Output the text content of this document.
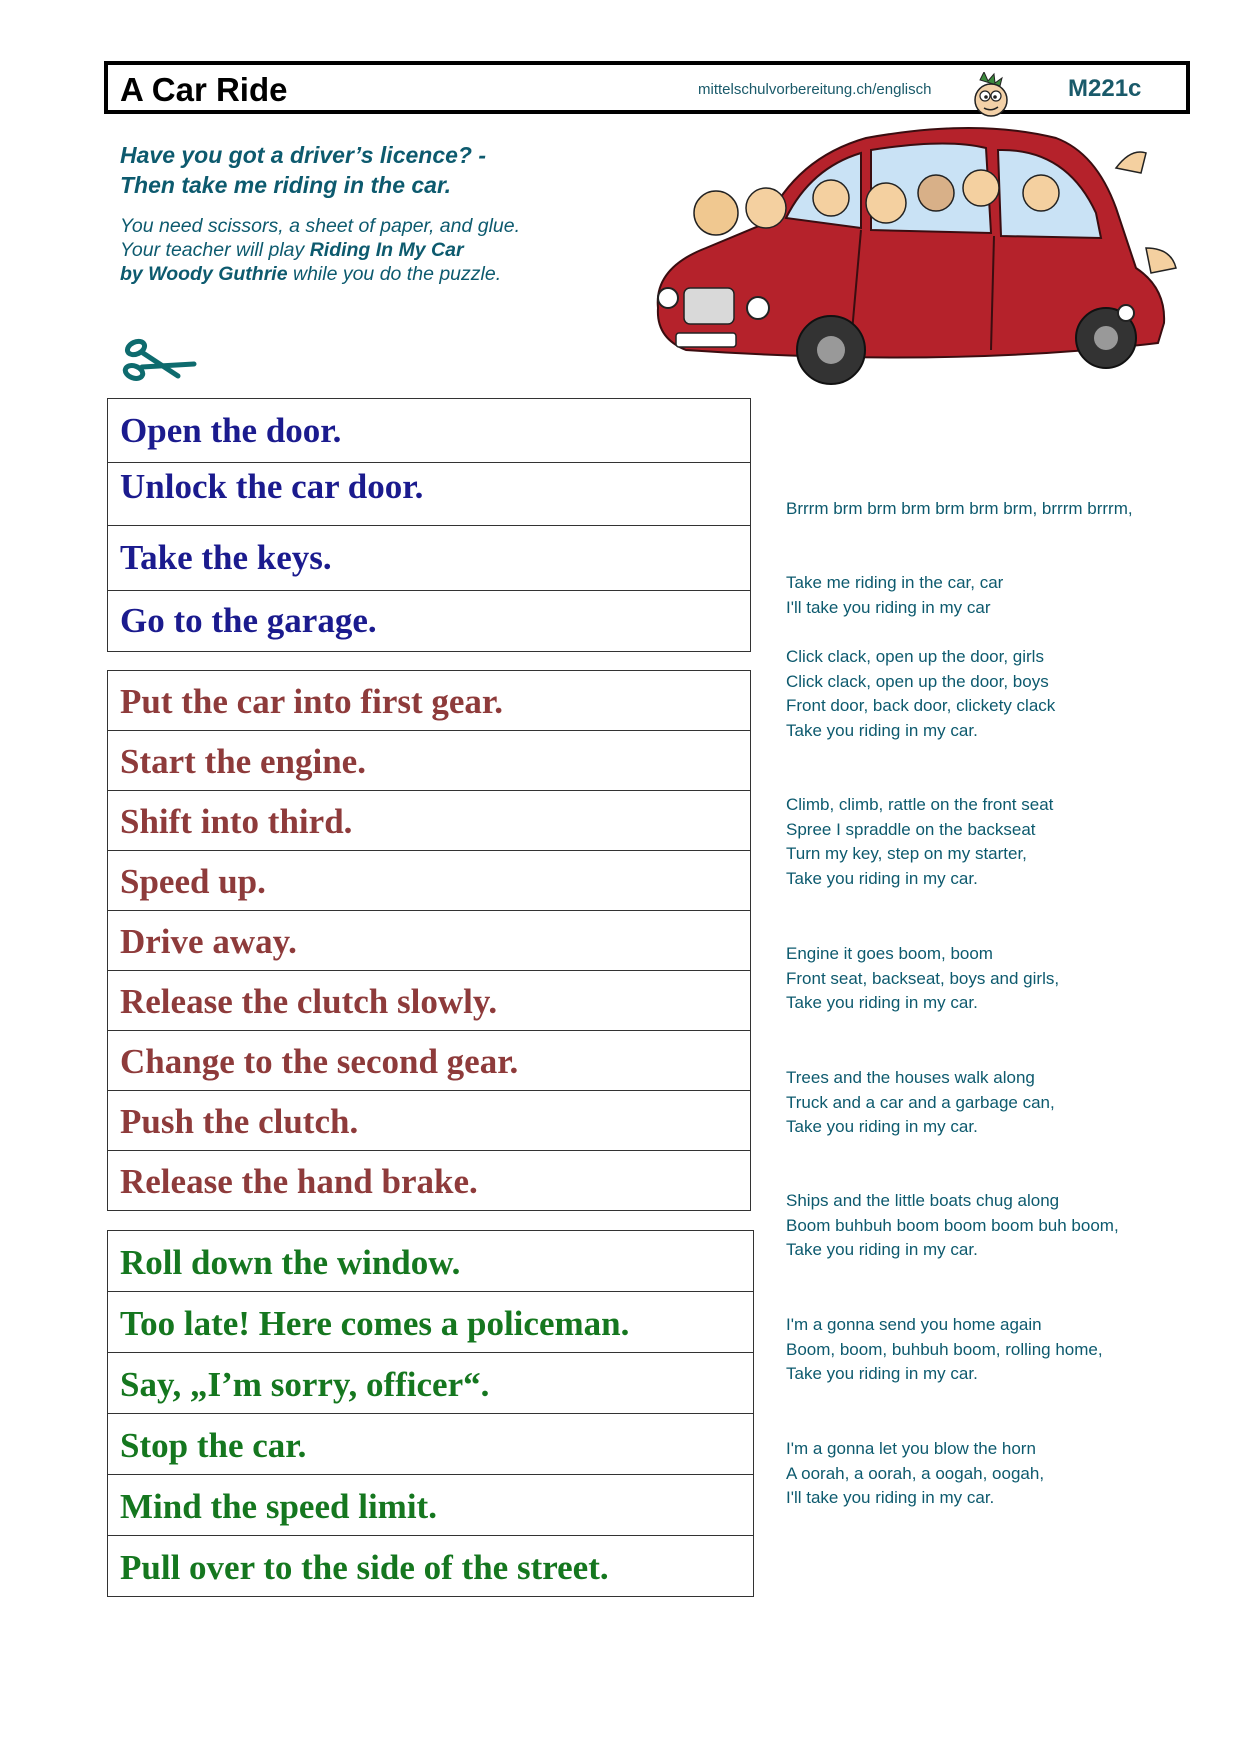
A Car Ride	mittelschulvorbereitung.ch/englisch	M221c
Have you got a driver’s licence? -
Then take me riding in the car.
You need scissors, a sheet of paper, and glue.
Your teacher will play Riding In My Car
by Woody Guthrie while you do the puzzle.
Open the door.
Unlock the car door.
Take the keys.
Go to the garage.
Put the car into first gear.
Start the engine.
Shift into third.
Speed up.
Drive away.
Release the clutch slowly.
Change to the second gear.
Push the clutch.
Release the hand brake.
Roll down the window.
Too late! Here comes a policeman.
Say, „I’m sorry, officer“.
Stop the car.
Mind the speed limit.
Pull over to the side of the street.
Brrrm brm brm brm brm brm brm, brrrm brrrm,
Take me riding in the car, car
I'll take you riding in my car
Click clack, open up the door, girls
Click clack, open up the door, boys
Front door, back door, clickety clack
Take you riding in my car.
Climb, climb, rattle on the front seat
Spree I spraddle on the backseat
Turn my key, step on my starter,
Take you riding in my car.
Engine it goes boom, boom
Front seat, backseat, boys and girls,
Take you riding in my car.
Trees and the houses walk along
Truck and a car and a garbage can,
Take you riding in my car.
Ships and the little boats chug along
Boom buhbuh boom boom boom buh boom,
Take you riding in my car.
I'm a gonna send you home again
Boom, boom, buhbuh boom, rolling home,
Take you riding in my car.
I'm a gonna let you blow the horn
A oorah, a oorah, a oogah, oogah,
I'll take you riding in my car.
